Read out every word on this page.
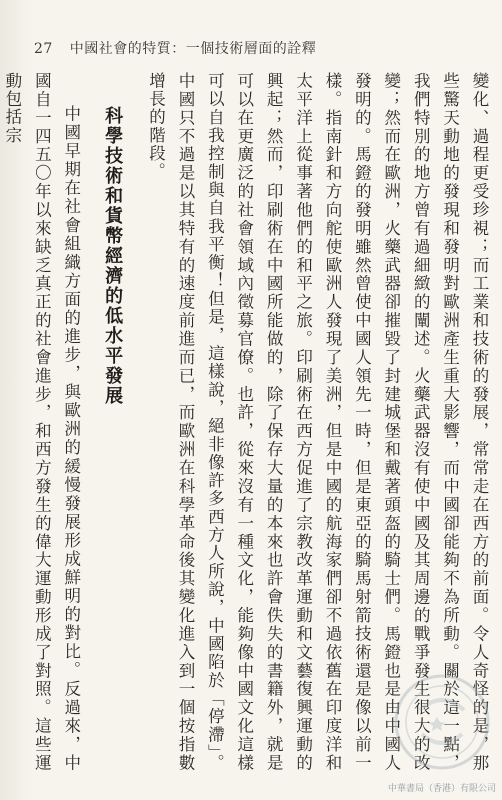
27 中國社會的特質：一個技術層面的詮釋

變化、過程更受珍視；而工業和技術的發展，常常走在西方的前面。令人奇怪的是，那些驚天動地的發現和發明對歐洲產生重大影響，而中國卻能夠不為所動。關於這一點，我們特別的地方曾有過細緻的闡述。火藥武器沒有使中國及其周邊的戰爭發生很大的改變；然而在歐洲，火藥武器卻摧毀了封建城堡和戴著頭盔的騎士們。馬鐙也是由中國人發明的。馬鐙的發明雖然曾使中國人領先一時，但是東亞的騎馬射箭技術還是像以前一樣。指南針和方向舵使歐洲人發現了美洲，但是中國的航海家們卻不過依舊在印度洋和太平洋上從事著他們的和平之旅。印刷術在西方促進了宗教改革運動和文藝復興運動的興起；然而，印刷術在中國所能做的，除了保存大量的本來也許會佚失的書籍外，就是可以在更廣泛的社會領域內徵募官僚。也許，從來沒有一種文化，能夠像中國文化這樣可以自我控制與自我平衡！但是，這樣說，絕非像許多西方人所說，中國陷於「停滯」。中國只不過是以其特有的速度前進而已，而歐洲在科學革命後其變化進入到一個按指數增長的階段。

科學技術和貨幣經濟的低水平發展

中國早期在社會組織方面的進步，與歐洲的緩慢發展形成鮮明的對比。反過來，中國自一四五〇年以來缺乏真正的社會進步，和西方發生的偉大運動形成了對照。這些運動包括宗

中華書局（香港）有限公司
